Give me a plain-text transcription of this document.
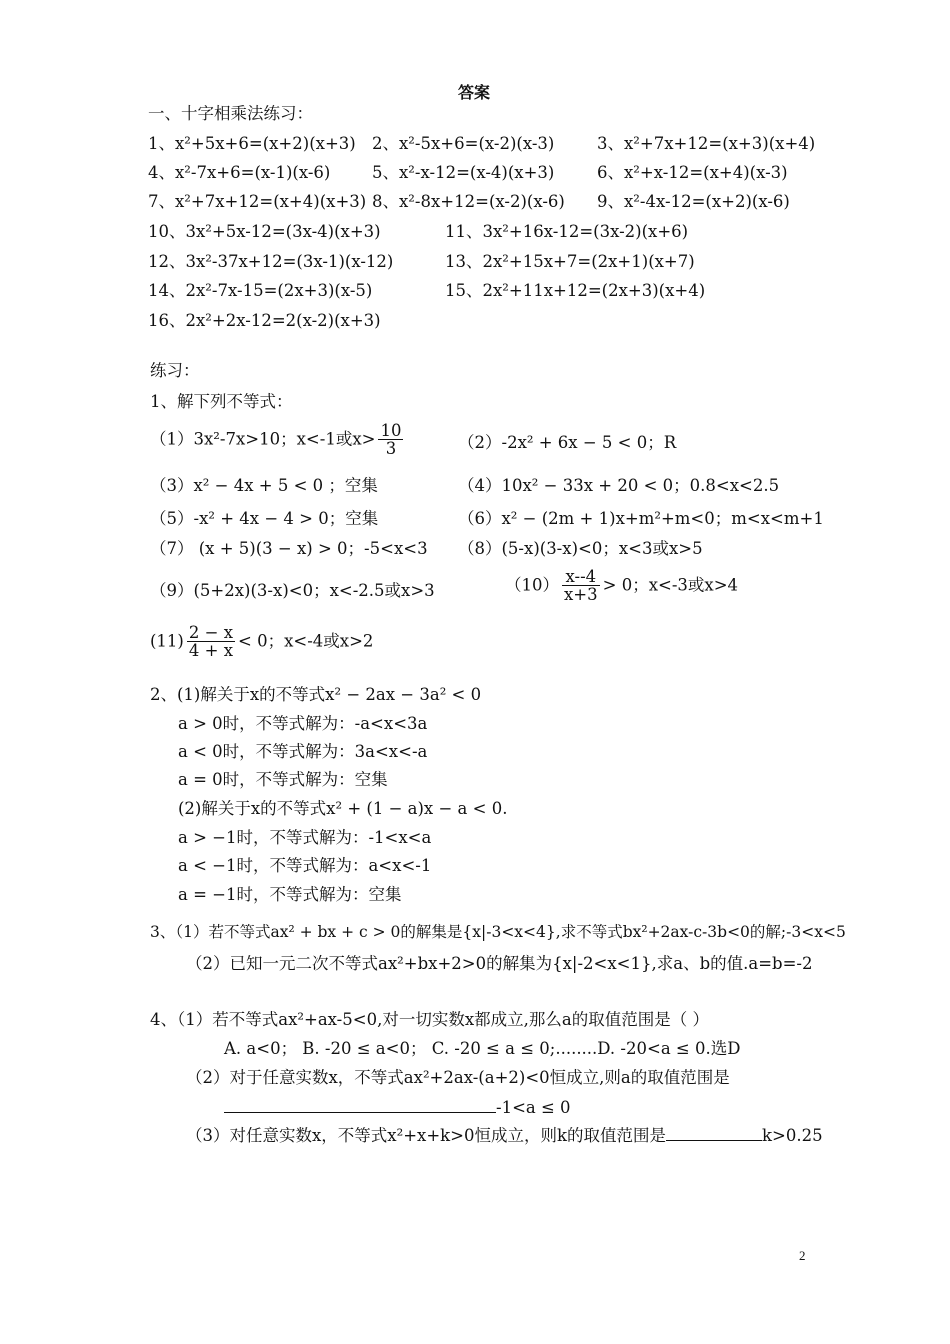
答案
一、十字相乘法练习：
1、x²+5x+6=(x+2)(x+3) 2、x²-5x+6=(x-2)(x-3)	3、x²+7x+12=(x+3)(x+4)
4、x²-7x+6=(x-1)(x-6)	5、x²-x-12=(x-4)(x+3)	6、x²+x-12=(x+4)(x-3)
7、x²+7x+12=(x+4)(x+3) 8、x²-8x+12=(x-2)(x-6) 9、x²-4x-12=(x+2)(x-6)
10、3x²+5x-12=(3x-4)(x+3)	11、3x²+16x-12=(3x-2)(x+6)
12、3x²-37x+12=(3x-1)(x-12)	13、2x²+15x+7=(2x+1)(x+7)
14、2x²-7x-15=(2x+3)(x-5)	15、2x²+11x+12=(2x+3)(x+4)
16、2x²+2x-12=2(x-2)(x+3)
练习：
1、解下列不等式：
（1）3x²-7x>10；x<-1或$x> \frac{10}{3}$	（2）-2x² + 6x − 5 < 0；R
（3）x² − 4x + 5 < 0 ；空集	（4）10x² − 33x + 20 < 0；0.8<x<2.5
（5）-x² + 4x − 4 > 0；空集	（6）x² − (2m + 1)x+m²+m<0；m<x<m+1
（7） (x + 5)(3 − x) > 0；-5<x<3 （8）(5-x)(3-x)<0；x<3或x>5
（9）(5+2x)(3-x)<0；x<-2.5或x>3	$(10) \frac{x--4}{x+3} > 0$；x<-3或x>4
$(11) \frac{2 - x}{4 + x} < 0$；x<-4或x>2
2、(1)解关于x的不等式x² − 2ax − 3a² < 0
a > 0时，不等式解为：-a<x<3a
a < 0时，不等式解为：3a<x<-a
a = 0时，不等式解为：空集
(2)解关于x的不等式x² + (1 − a)x − a < 0.
a > −1时，不等式解为：-1<x<a
a < −1时，不等式解为：a<x<-1
a = −1时，不等式解为：空集
3、（1）若不等式ax² + bx + c > 0的解集是{x|-3<x<4},求不等式bx²+2ax-c-3b<0的解;-3<x<5
（2）已知一元二次不等式ax²+bx+2>0的解集为{x|-2<x<1},求a、b的值.a=b=-2
4、（1）若不等式ax²+ax-5<0,对一切实数x都成立,那么a的取值范围是（ ）
A. a<0； B. -20 ≤ a<0； C. -20 ≤ a ≤ 0;........D. -20<a ≤ 0.选D
（2）对于任意实数x，不等式ax²+2ax-(a+2)<0恒成立,则a的取值范围是
-1<a ≤ 0
（3）对任意实数x，不等式x²+x+k>0恒成立，则k的取值范围是	k>0.25
2
